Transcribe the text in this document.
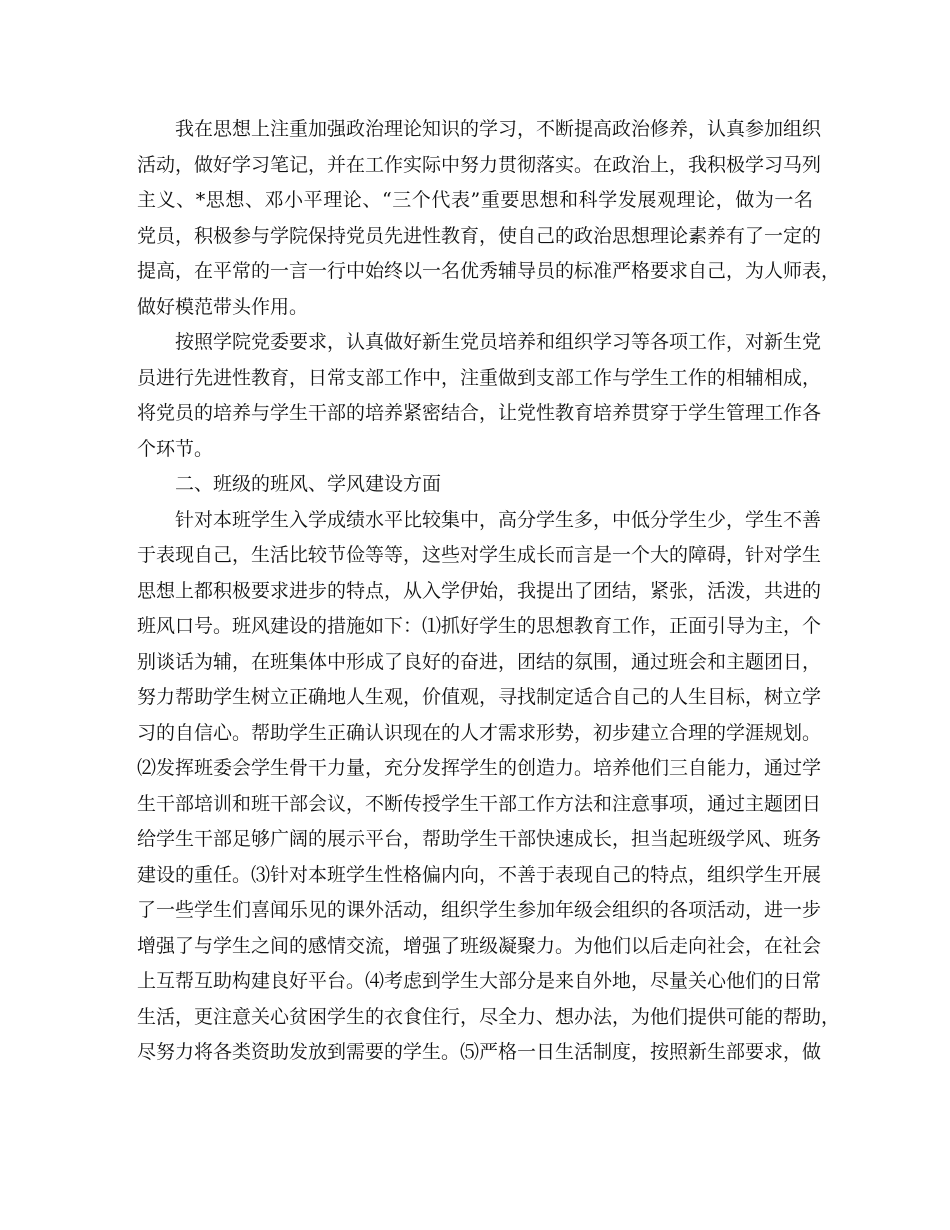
我在思想上注重加强政治理论知识的学习，不断提高政治修养，认真参加组织
活动，做好学习笔记，并在工作实际中努力贯彻落实。在政治上，我积极学习马列
主义、*思想、邓小平理论、“三个代表”重要思想和科学发展观理论，做为一名
党员，积极参与学院保持党员先进性教育，使自己的政治思想理论素养有了一定的
提高，在平常的一言一行中始终以一名优秀辅导员的标准严格要求自己，为人师表，
做好模范带头作用。
按照学院党委要求，认真做好新生党员培养和组织学习等各项工作，对新生党
员进行先进性教育，日常支部工作中，注重做到支部工作与学生工作的相辅相成，
将党员的培养与学生干部的培养紧密结合，让党性教育培养贯穿于学生管理工作各
个环节。
二、班级的班风、学风建设方面
针对本班学生入学成绩水平比较集中，高分学生多，中低分学生少，学生不善
于表现自己，生活比较节俭等等，这些对学生成长而言是一个大的障碍，针对学生
思想上都积极要求进步的特点，从入学伊始，我提出了团结，紧张，活泼，共进的
班风口号。班风建设的措施如下：⑴抓好学生的思想教育工作，正面引导为主，个
别谈话为辅，在班集体中形成了良好的奋进，团结的氛围，通过班会和主题团日，
努力帮助学生树立正确地人生观，价值观，寻找制定适合自己的人生目标，树立学
习的自信心。帮助学生正确认识现在的人才需求形势，初步建立合理的学涯规划。
⑵发挥班委会学生骨干力量，充分发挥学生的创造力。培养他们三自能力，通过学
生干部培训和班干部会议，不断传授学生干部工作方法和注意事项，通过主题团日
给学生干部足够广阔的展示平台，帮助学生干部快速成长，担当起班级学风、班务
建设的重任。⑶针对本班学生性格偏内向，不善于表现自己的特点，组织学生开展
了一些学生们喜闻乐见的课外活动，组织学生参加年级会组织的各项活动，进一步
增强了与学生之间的感情交流，增强了班级凝聚力。为他们以后走向社会，在社会
上互帮互助构建良好平台。⑷考虑到学生大部分是来自外地，尽量关心他们的日常
生活，更注意关心贫困学生的衣食住行，尽全力、想办法，为他们提供可能的帮助，
尽努力将各类资助发放到需要的学生。⑸严格一日生活制度，按照新生部要求，做
